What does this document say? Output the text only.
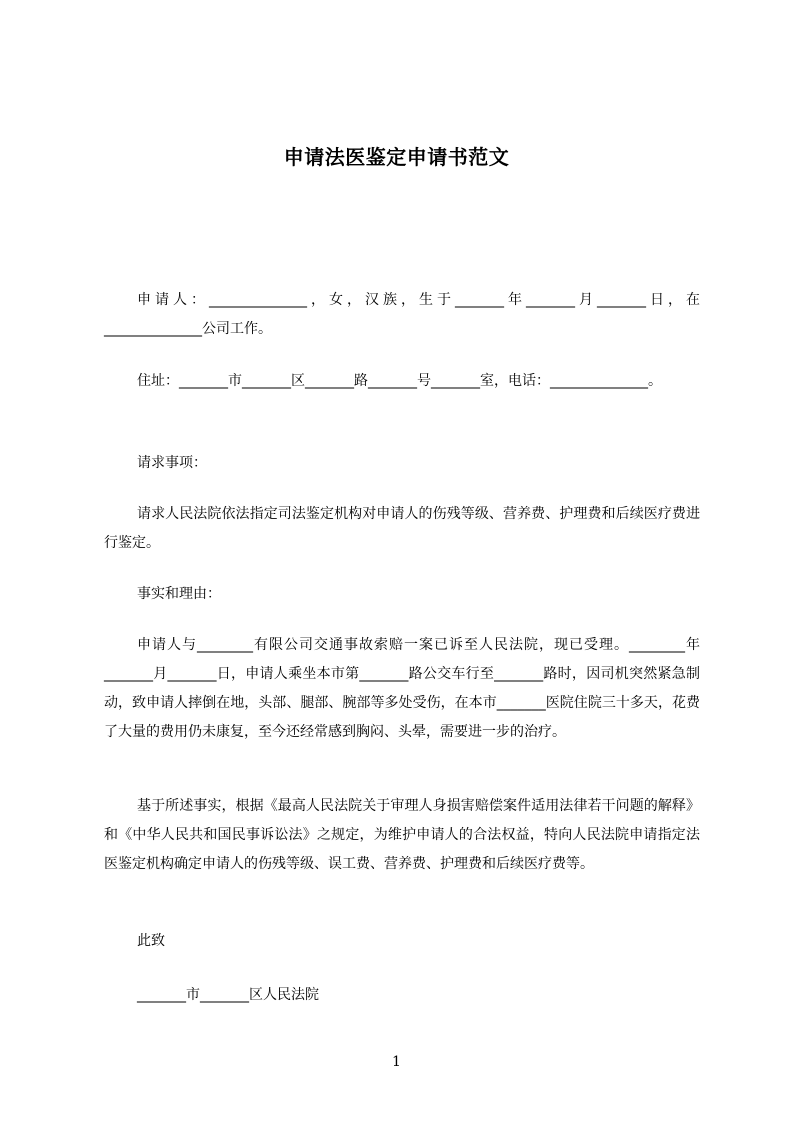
申请法医鉴定申请书范文
申请人：______________，女，汉族，生于_______年_______月_______日，在______________公司工作。
住址：_______市_______区_______路_______号_______室，电话：______________。
请求事项：
请求人民法院依法指定司法鉴定机构对申请人的伤残等级、营养费、护理费和后续医疗费进行鉴定。
事实和理由：
申请人与________有限公司交通事故索赔一案已诉至人民法院，现已受理。________年_______月_______日，申请人乘坐本市第_______路公交车行至_______路时，因司机突然紧急制动，致申请人摔倒在地，头部、腿部、腕部等多处受伤，在本市_______医院住院三十多天，花费了大量的费用仍未康复，至今还经常感到胸闷、头晕，需要进一步的治疗。
基于所述事实，根据《最高人民法院关于审理人身损害赔偿案件适用法律若干问题的解释》和《中华人民共和国民事诉讼法》之规定，为维护申请人的合法权益，特向人民法院申请指定法医鉴定机构确定申请人的伤残等级、误工费、营养费、护理费和后续医疗费等。
此致
_______市_______区人民法院
1
